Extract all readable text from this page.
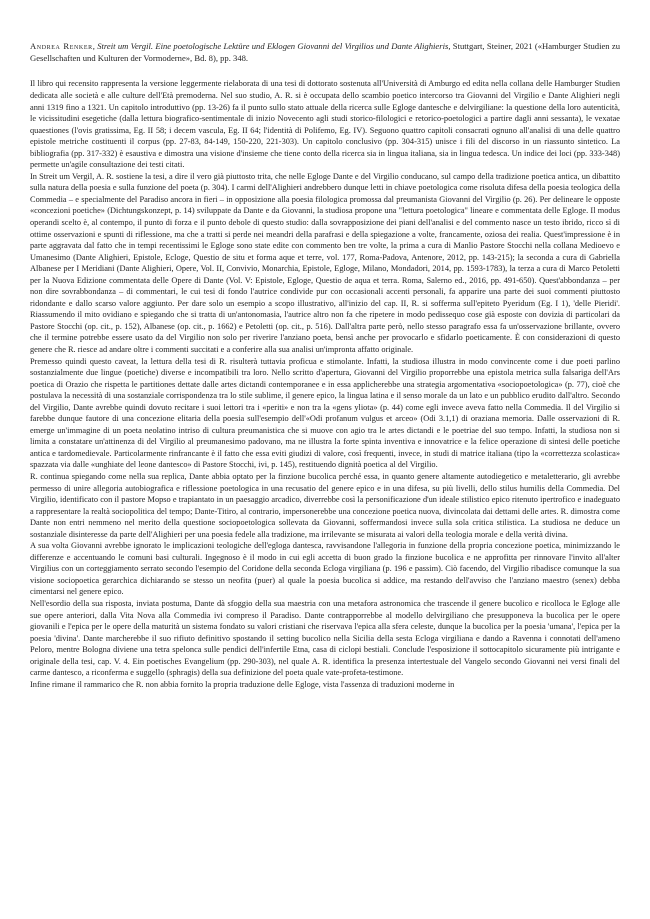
Andrea Renker, Streit um Vergil. Eine poetologische Lektüre und Eklogen Giovanni del Virgilios und Dante Alighieris, Stuttgart, Steiner, 2021 («Hamburger Studien zu Gesellschaften und Kulturen der Vormoderne», Bd. 8), pp. 348.

Il libro qui recensito rappresenta la versione leggermente rielaborata di una tesi di dottorato sostenuta all'Università di Amburgo ed edita nella collana delle Hamburger Studien dedicata alle società e alle culture dell'Età premoderna. Nel suo studio, A. R. si è occupata dello scambio poetico intercorso tra Giovanni del Virgilio e Dante Alighieri negli anni 1319 fino a 1321. Un capitolo introduttivo (pp. 13-26) fa il punto sullo stato attuale della ricerca sulle Egloge dantesche e delvirgiliane: la questione della loro autenticità, le vicissitudini esegetiche (dalla lettura biografico-sentimentale di inizio Novecento agli studi storico-filologici e retorico-poetologici a partire dagli anni sessanta), le vexatae quaestiones (l'ovis gratissima, Eg. II 58; i decem vascula, Eg. II 64; l'identità di Polifemo, Eg. IV). Seguono quattro capitoli consacrati ognuno all'analisi di una delle quattro epistole metriche costituenti il corpus (pp. 27-83, 84-149, 150-220, 221-303). Un capitolo conclusivo (pp. 304-315) unisce i fili del discorso in un riassunto sintetico. La bibliografia (pp. 317-332) è esaustiva e dimostra una visione d'insieme che tiene conto della ricerca sia in lingua italiana, sia in lingua tedesca. Un indice dei loci (pp. 333-348) permette un'agile consultazione dei testi citati.

In Streit um Vergil, A. R. sostiene la tesi, a dire il vero già piuttosto trita, che nelle Egloge Dante e del Virgilio conducano, sul campo della tradizione poetica antica, un dibattito sulla natura della poesia e sulla funzione del poeta (p. 304). I carmi dell'Alighieri andrebbero dunque letti in chiave poetologica come risoluta difesa della poesia teologica della Commedia – e specialmente del Paradiso ancora in fieri – in opposizione alla poesia filologica promossa dal preumanista Giovanni del Virgilio (p. 26). Per delineare le opposte «concezioni poetiche» (Dichtungskonzept, p. 14) sviluppate da Dante e da Giovanni, la studiosa propone una "lettura poetologica" lineare e commentata delle Egloge. Il modus operandi scelto è, al contempo, il punto di forza e il punto debole di questo studio: dalla sovrapposizione dei piani dell'analisi e del commento nasce un testo ibrido, ricco sì di ottime osservazioni e spunti di riflessione, ma che a tratti si perde nei meandri della parafrasi e della spiegazione a volte, francamente, oziosa dei realia. Quest'impressione è in parte aggravata dal fatto che in tempi recentissimi le Egloge sono state edite con commento ben tre volte, la prima a cura di Manlio Pastore Stocchi nella collana Medioevo e Umanesimo (Dante Alighieri, Epistole, Ecloge, Questio de situ et forma aque et terre, vol. 177, Roma-Padova, Antenore, 2012, pp. 143-215); la seconda a cura di Gabriella Albanese per I Meridiani (Dante Alighieri, Opere, Vol. II, Convivio, Monarchia, Epistole, Egloge, Milano, Mondadori, 2014, pp. 1593-1783), la terza a cura di Marco Petoletti per la Nuova Edizione commentata delle Opere di Dante (Vol. V: Epistole, Egloge, Questio de aqua et terra. Roma, Salerno ed., 2016, pp. 491-650). Quest'abbondanza – per non dire sovrabbondanza – di commentari, le cui tesi di fondo l'autrice condivide pur con occasionali accenti personali, fa apparire una parte dei suoi commenti piuttosto ridondante e dallo scarso valore aggiunto. Per dare solo un esempio a scopo illustrativo, all'inizio del cap. II, R. si sofferma sull'epiteto Pyeridum (Eg. I 1), 'delle Pieridi'. Riassumendo il mito ovidiano e spiegando che si tratta di un'antonomasia, l'autrice altro non fa che ripetere in modo pedissequo cose già esposte con dovizia di particolari da Pastore Stocchi (op. cit., p. 152), Albanese (op. cit., p. 1662) e Petoletti (op. cit., p. 516). Dall'altra parte però, nello stesso paragrafo essa fa un'osservazione brillante, ovvero che il termine potrebbe essere usato da del Virgilio non solo per riverire l'anziano poeta, bensì anche per provocarlo e sfidarlo poeticamente. È con considerazioni di questo genere che R. riesce ad andare oltre i commenti succitati e a conferire alla sua analisi un'impronta affatto originale.

Premesso quindi questo caveat, la lettura della tesi di R. risulterà tuttavia proficua e stimolante. Infatti, la studiosa illustra in modo convincente come i due poeti parlino sostanzialmente due lingue (poetiche) diverse e incompatibili tra loro. Nello scritto d'apertura, Giovanni del Virgilio proporrebbe una epistola metrica sulla falsariga dell'Ars poetica di Orazio che rispetta le partitiones dettate dalle artes dictandi contemporanee e in essa applicherebbe una strategia argomentativa «sociopoetologica» (p. 77), cioè che postulava la necessità di una sostanziale corrispondenza tra lo stile sublime, il genere epico, la lingua latina e il senso morale da un lato e un pubblico erudito dall'altro. Secondo del Virgilio, Dante avrebbe quindi dovuto recitare i suoi lettori tra i «periti» e non tra la «gens yliota» (p. 44) come egli invece aveva fatto nella Commedia. Il del Virgilio si farebbe dunque fautore di una concezione elitaria della poesia sull'esempio dell'«Odi profanum vulgus et arceo» (Odi 3.1,1) di oraziana memoria. Dalle osservazioni di R. emerge un'immagine di un poeta neolatino intriso di cultura preumanistica che si muove con agio tra le artes dictandi e le poetriae del suo tempo. Infatti, la studiosa non si limita a constatare un'attinenza di del Virgilio al preumanesimo padovano, ma ne illustra la forte spinta inventiva e innovatrice e la felice operazione di sintesi delle poetiche antica e tardomedievale. Particolarmente rinfrancante è il fatto che essa eviti giudizi di valore, così frequenti, invece, in studi di matrice italiana (tipo la «correttezza scolastica» spazzata via dalle «unghiate del leone dantesco» di Pastore Stocchi, ivi, p. 145), restituendo dignità poetica al del Virgilio.

R. continua spiegando come nella sua replica, Dante abbia optato per la finzione bucolica perché essa, in quanto genere altamente autodiegetico e metaletterario, gli avrebbe permesso di unire allegoria autobiografica e riflessione poetologica in una recusatio del genere epico e in una difesa, su più livelli, dello stilus humilis della Commedia. Del Virgilio, identificato con il pastore Mopso e trapiantato in un paesaggio arcadico, diverrebbe così la personificazione d'un ideale stilistico epico ritenuto ipertrofico e inadeguato a rappresentare la realtà sociopolitica del tempo; Dante-Titiro, al contrario, impersonerebbe una concezione poetica nuova, divincolata dai dettami delle artes. R. dimostra come Dante non entri nemmeno nel merito della questione sociopoetologica sollevata da Giovanni, soffermandosi invece sulla sola critica stilistica. La studiosa ne deduce un sostanziale disinteresse da parte dell'Alighieri per una poesia fedele alla tradizione, ma irrilevante se misurata ai valori della teologia morale e della verità divina.

A sua volta Giovanni avrebbe ignorato le implicazioni teologiche dell'egloga dantesca, ravvisandone l'allegoria in funzione della propria concezione poetica, minimizzando le differenze e accentuando le comuni basi culturali. Ingegnoso è il modo in cui egli accetta di buon grado la finzione bucolica e ne approfitta per rinnovare l'invito all'alter Virgilius con un corteggiamento serrato secondo l'esempio del Coridone della seconda Ecloga virgiliana (p. 196 e passim). Ciò facendo, del Virgilio ribadisce comunque la sua visione sociopoetica gerarchica dichiarando se stesso un neofita (puer) al quale la poesia bucolica si addice, ma restando dell'avviso che l'anziano maestro (senex) debba cimentarsi nel genere epico.

Nell'esordio della sua risposta, inviata postuma, Dante dà sfoggio della sua maestria con una metafora astronomica che trascende il genere bucolico e ricolloca le Egloge alle sue opere anteriori, dalla Vita Nova alla Commedia ivi compreso il Paradiso. Dante contrapporrebbe al modello delvirgiliano che presupponeva la bucolica per le opere giovanili e l'epica per le opere della maturità un sistema fondato su valori cristiani che riservava l'epica alla sfera celeste, dunque la bucolica per la poesia 'umana', l'epica per la poesia 'divina'. Dante marcherebbe il suo rifiuto definitivo spostando il setting bucolico nella Sicilia della sesta Ecloga virgiliana e dando a Ravenna i connotati dell'ameno Peloro, mentre Bologna diviene una tetra spelonca sulle pendici dell'infertile Etna, casa di ciclopi bestiali. Conclude l'esposizione il sottocapitolo sicuramente più intrigante e originale della tesi, cap. V. 4. Ein poetisches Evangelium (pp. 290-303), nel quale A. R. identifica la presenza intertestuale del Vangelo secondo Giovanni nei versi finali del carme dantesco, a riconferma e suggello (sphragis) della sua definizione del poeta quale vate-profeta-testimone.

Infine rimane il rammarico che R. non abbia fornito la propria traduzione delle Egloge, vista l'assenza di traduzioni moderne in
